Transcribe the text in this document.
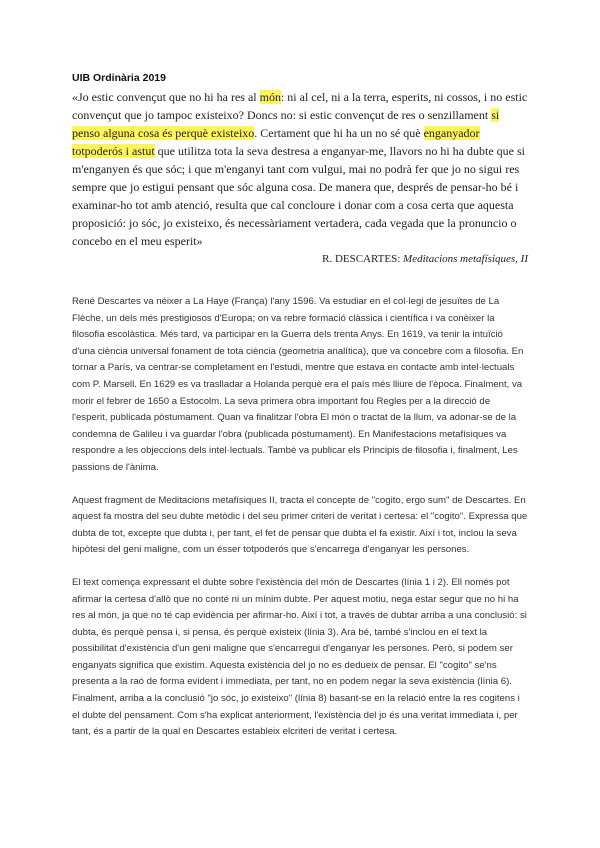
UIB Ordinària 2019

«Jo estic convençut que no hi ha res al món: ni al cel, ni a la terra, esperits, ni cossos, i no estic convençut que jo tampoc existeixo? Doncs no: si estic convençut de res o senzillament si penso alguna cosa és perquè existeixo. Certament que hi ha un no sé què enganyador totpoderós i astut que utilitza tota la seva destresa a enganyar-me, llavors no hi ha dubte que si m'enganyen és que sóc; i que m'enganyi tant com vulgui, mai no podrà fer que jo no sigui res sempre que jo estigui pensant que sóc alguna cosa. De manera que, després de pensar-ho bé i examinar-ho tot amb atenció, resulta que cal concloure i donar com a cosa certa que aquesta proposició: jo sóc, jo existeixo, és necessàriament vertadera, cada vegada que la pronuncio o concebo en el meu esperit»

R. DESCARTES: Meditacions metafísiques, II

René Descartes va néixer a La Haye (França) l'any 1596. Va estudiar en el col·legi de jesuïtes de La Flèche, un dels més prestigiosos d'Europa; on va rebre formació clàssica i científica i va conèixer la filosofia escolàstica. Més tard, va participar en la Guerra dels trenta Anys. En 1619, va tenir la intuïció d'una ciència universal fonament de tota ciència (geometria analítica), que va concebre com a filosofia. En tornar a París, va centrar-se completament en l'estudi, mentre que estava en contacte amb intel·lectuals com P. Marsell. En 1629 es va traslladar a Holanda perquè era el país més lliure de l'època. Finalment, va morir el febrer de 1650 a Estocolm. La seva primera obra important fou Regles per a la direcció de l'esperit, publicada pòstumament. Quan va finalitzar l'obra El món o tractat de la llum, va adonar-se de la condemna de Galileu i va guardar l'obra (publicada pòstumament). En Manifestacions metafísiques va respondre a les objeccions dels intel·lectuals. També va publicar els Principis de filosofia i, finalment, Les passions de l'ànima.

Aquest fragment de Meditacions metafísiques II, tracta el concepte de "cogito, ergo sum" de Descartes. En aquest fa mostra del seu dubte metòdic i del seu primer criteri de veritat i certesa: el "cogito". Expressa que dubta de tot, excepte que dubta i, per tant, el fet de pensar que dubta el fa existir. Així i tot, inclou la seva hipòtesi del geni maligne, com un ésser totpoderós que s'encarrega d'enganyar les persones.

El text comença expressant el dubte sobre l'existència del món de Descartes (línia 1 i 2). Ell només pot afirmar la certesa d'allò que no conté ni un mínim dubte. Per aquest motiu, nega estar segur que no hi ha res al món, ja que no té cap evidència per afirmar-ho. Així i tot, a través de dubtar arriba a una conclusió: si dubta, és perquè pensa i, si pensa, és perquè existeix (línia 3). Ara bé, també s'inclou en el text la possibilitat d'existència d'un geni maligne que s'encarregui d'enganyar les persones. Però, si podem ser enganyats significa que existim. Aquesta existència del jo no es dedueix de pensar. El "cogito" se'ns presenta a la raó de forma evident i immediata, per tant, no en podem negar la seva existència (línia 6). Finalment, arriba a la conclusió "jo sóc, jo existeixo" (línia 8) basant-se en la relació entre la res cogitens i el dubte del pensament. Com s'ha explicat anteriorment, l'existència del jo és una veritat immediata i, per tant, és a partir de la qual en Descartes estableix elcriteri de veritat i certesa.
